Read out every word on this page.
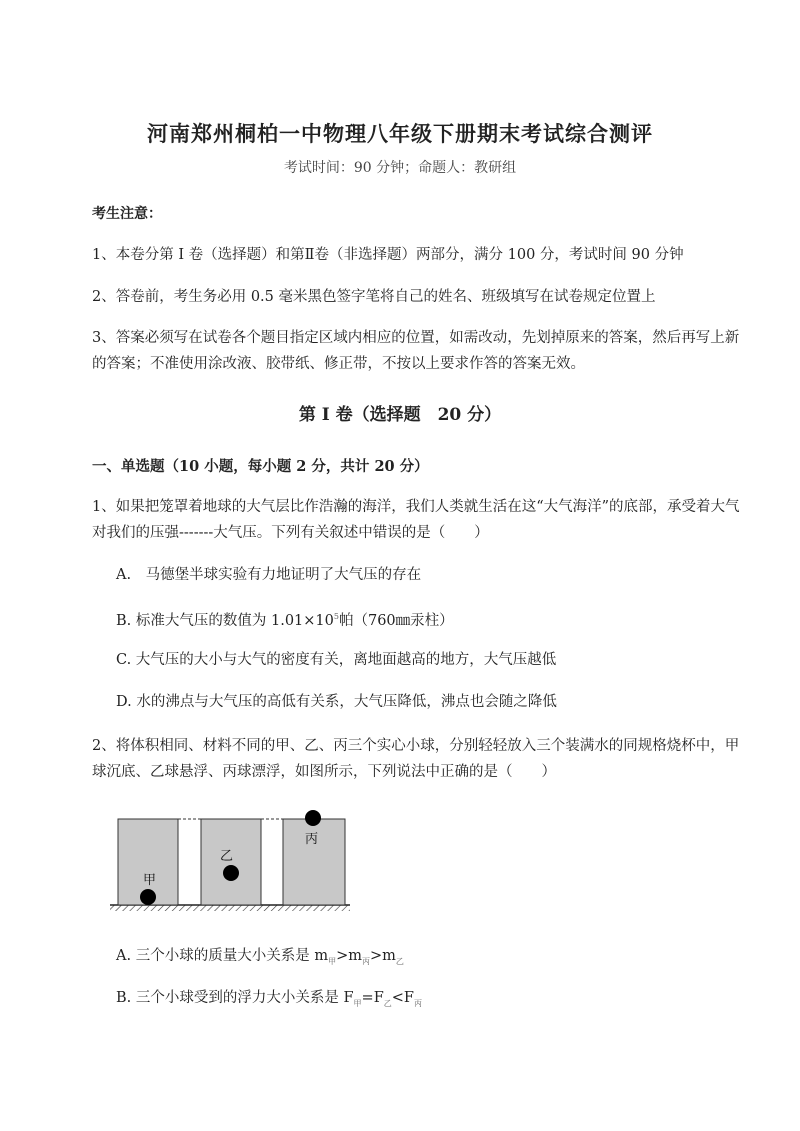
河南郑州桐柏一中物理八年级下册期末考试综合测评
考试时间：90 分钟；命题人：教研组
考生注意：
1、本卷分第 I 卷（选择题）和第Ⅱ卷（非选择题）两部分，满分 100 分，考试时间 90 分钟
2、答卷前，考生务必用 0.5 毫米黑色签字笔将自己的姓名、班级填写在试卷规定位置上
3、答案必须写在试卷各个题目指定区域内相应的位置，如需改动，先划掉原来的答案，然后再写上新的答案；不准使用涂改液、胶带纸、修正带，不按以上要求作答的答案无效。
第 I 卷（选择题　20 分）
一、单选题（10 小题，每小题 2 分，共计 20 分）
1、如果把笼罩着地球的大气层比作浩瀚的海洋，我们人类就生活在这“大气海洋”的底部，承受着大气对我们的压强-------大气压。下列有关叙述中错误的是（　　）
A.　马德堡半球实验有力地证明了大气压的存在
B. 标准大气压的数值为 $1.01\times 10^5$帕（760㎜汞柱）
C. 大气压的大小与大气的密度有关，离地面越高的地方，大气压越低
D. 水的沸点与大气压的高低有关系，大气压降低，沸点也会随之降低
2、将体积相同、材料不同的甲、乙、丙三个实心小球，分别轻轻放入三个装满水的同规格烧杯中，甲球沉底、乙球悬浮、丙球漂浮，如图所示，下列说法中正确的是（　　）
甲
乙
丙
A. 三个小球的质量大小关系是 $m_甲>m_丙>m_乙$
B. 三个小球受到的浮力大小关系是 $F_甲=F_乙<F_丙$
